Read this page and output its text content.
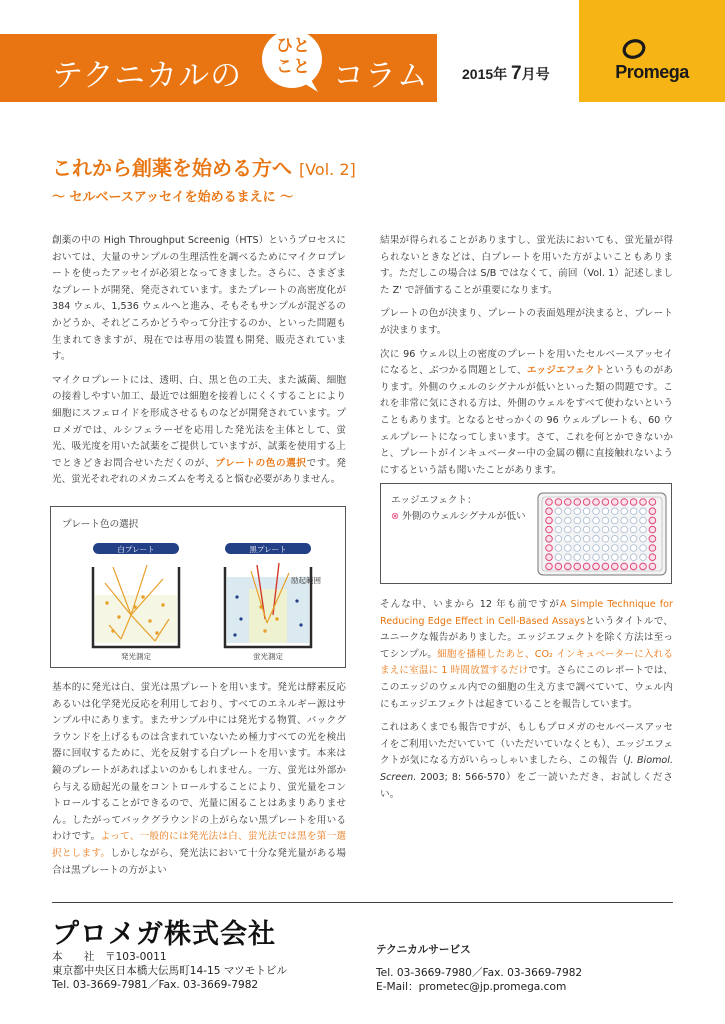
テクニカルの
ひと
こと コラム 2015年 7月号	Promega
これから創薬を始める方へ [Vol. 2]
〜 セルベースアッセイを始めるまえに 〜

創薬の中の High Throughput Screenig（HTS）というプロセスにおいては、大量のサンプルの生理活性を調べるためにマイクロプレートを使ったアッセイが必須となってきました。さらに、さまざまなプレートが開発、発売されています。またプレートの高密度化が 384 ウェル、1,536 ウェルへと進み、そもそもサンプルが混ざるのかどうか、それどころかどうやって分注するのか、といった問題も生まれてきますが、現在では専用の装置も開発、販売されています。

マイクロプレートには、透明、白、黒と色の工夫、また滅菌、細胞の接着しやすい加工、最近では細胞を接着しにくくすることにより細胞にスフェロイドを形成させるものなどが開発されています。プロメガでは、ルシフェラーゼを応用した発光法を主体として、蛍光、吸光度を用いた試薬をご提供していますが、試薬を使用する上でときどきお問合せいただくのが、プレートの色の選択です。発光、蛍光それぞれのメカニズムを考えると悩む必要がありません。

プレート色の選択
白プレート	黒プレート
発光測定
励起範囲
蛍光測定

基本的に発光は白、蛍光は黒プレートを用います。発光は酵素反応あるいは化学発光反応を利用しており、すべてのエネルギー源はサンプル中にあります。またサンプル中には発光する物質、バックグラウンドを上げるものは含まれていないため極力すべての光を検出器に回収するために、光を反射する白プレートを用います。本来は鏡のプレートがあればよいのかもしれません。一方、蛍光は外部から与える励起光の量をコントロールすることにより、蛍光量をコントロールすることができるので、光量に困ることはあまりありません。したがってバックグラウンドの上がらない黒プレートを用いるわけです。よって、一般的には発光法は白、蛍光法では黒を第一選択とします。しかしながら、発光法において十分な発光量がある場合は黒プレートの方がよい

結果が得られることがありますし、蛍光法においても、蛍光量が得られないときなどは、白プレートを用いた方がよいこともあります。ただしこの場合は S/B ではなくて、前回（Vol. 1）記述しました Z' で評価することが重要になります。

プレートの色が決まり、プレートの表面処理が決まると、プレートが決まります。

次に 96 ウェル以上の密度のプレートを用いたセルベースアッセイになると、ぶつかる問題として、エッジエフェクトというものがあります。外側のウェルのシグナルが低いといった類の問題です。これを非常に気にされる方は、外側のウェルをすべて使わないということもあります。となるとせっかくの 96 ウェルプレートも、60 ウェルプレートになってしまいます。さて、これを何とかできないかと、プレートがインキュベーター中の金属の棚に直接触れないようにするという話も聞いたことがあります。

エッジエフェクト：
⊗ 外側のウェルシグナルが低い

そんな中、いまから 12 年も前ですがA Simple Technique for Reducing Edge Effect in Cell-Based Assaysというタイトルで、ユニークな報告がありました。エッジエフェクトを除く方法は至ってシンプル。細胞を播種したあと、CO₂ インキュベーターに入れるまえに室温に 1 時間放置するだけです。さらにこのレポートでは、このエッジのウェル内での細胞の生え方まで調べていて、ウェル内にもエッジエフェクトは起きていることを報告しています。

これはあくまでも報告ですが、もしもプロメガのセルベースアッセイをご利用いただいていて（いただいていなくとも）、エッジエフェクトが気になる方がいらっしゃいましたら、この報告（J. Biomol. Screen. 2003; 8: 566-570）をご一読いただき、お試しください。

プロメガ株式会社
本　　社　〒103-0011
東京都中央区日本橋大伝馬町14-15 マツモトビル
Tel. 03-3669-7981／Fax. 03-3669-7982
テクニカルサービス
Tel. 03-3669-7980／Fax. 03-3669-7982
E-Mail：prometec@jp.promega.com
